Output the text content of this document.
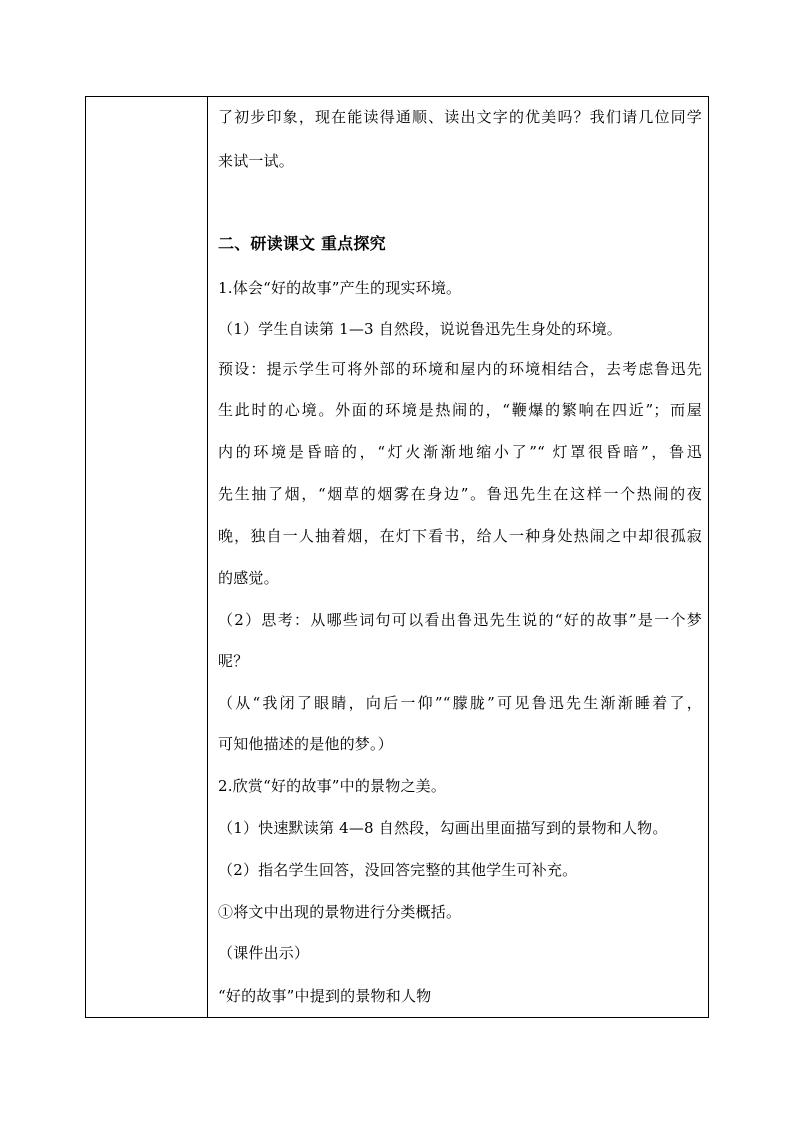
了初步印象，现在能读得通顺、读出文字的优美吗？我们请几位同学
来试一试。
二、研读课文 重点探究
1.体会“好的故事”产生的现实环境。
（1）学生自读第 1—3 自然段，说说鲁迅先生身处的环境。
预设：提示学生可将外部的环境和屋内的环境相结合，去考虑鲁迅先
生此时的心境。外面的环境是热闹的，“鞭爆的繁响在四近”；而屋
内的环境是昏暗的，“灯火渐渐地缩小了”“ 灯罩很昏暗”，鲁迅
先生抽了烟，“烟草的烟雾在身边”。鲁迅先生在这样一个热闹的夜
晚，独自一人抽着烟，在灯下看书，给人一种身处热闹之中却很孤寂
的感觉。
（2）思考：从哪些词句可以看出鲁迅先生说的“好的故事”是一个梦
呢？
（从“我闭了眼睛，向后一仰”“朦胧”可见鲁迅先生渐渐睡着了，
可知他描述的是他的梦。）
2.欣赏“好的故事”中的景物之美。
（1）快速默读第 4—8 自然段，勾画出里面描写到的景物和人物。
（2）指名学生回答，没回答完整的其他学生可补充。
①将文中出现的景物进行分类概括。
（课件出示）
“好的故事”中提到的景物和人物
